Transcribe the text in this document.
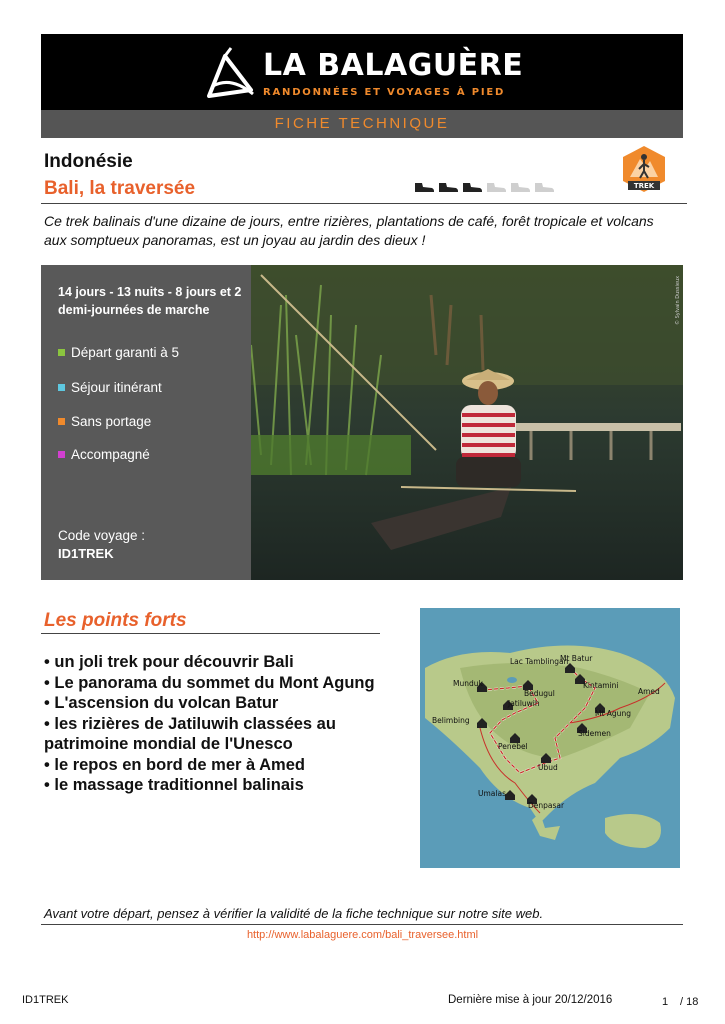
LA BALAGUÈRE
RANDONNÉES ET VOYAGES À PIED
FICHE TECHNIQUE
Indonésie
Bali, la traversée	TREK

Ce trek balinais d'une dizaine de jours, entre rizières, plantations de café, forêt tropicale et volcans aux somptueux panoramas, est un joyau au jardin des dieux !

14 jours - 13 nuits - 8 jours et 2 demi-journées de marche
Départ garanti à 5
Séjour itinérant
Sans portage
Accompagné
Code voyage :
ID1TREK
© Sylvain Dussieux
Les points forts
• un joli trek pour découvrir Bali
• Le panorama du sommet du Mont Agung
• L'ascension du volcan Batur
• les rizières de Jatiluwih classées au patrimoine mondial de l'Unesco
• le repos en bord de mer à Amed
• le massage traditionnel balinais
Lac Tamblingan
Mt Batur
Munduk	Kintamini
Bedugul	Amed
Jatiluwih
Mt Agung
Belimbing
Sidemen
Penebel
Ubud
Umalas
Denpasar
Avant votre départ, pensez à vérifier la validité de la fiche technique sur notre site web.
http://www.labalaguere.com/bali_traversee.html
ID1TREK	Dernière mise à jour 20/12/2016	1 / 18
